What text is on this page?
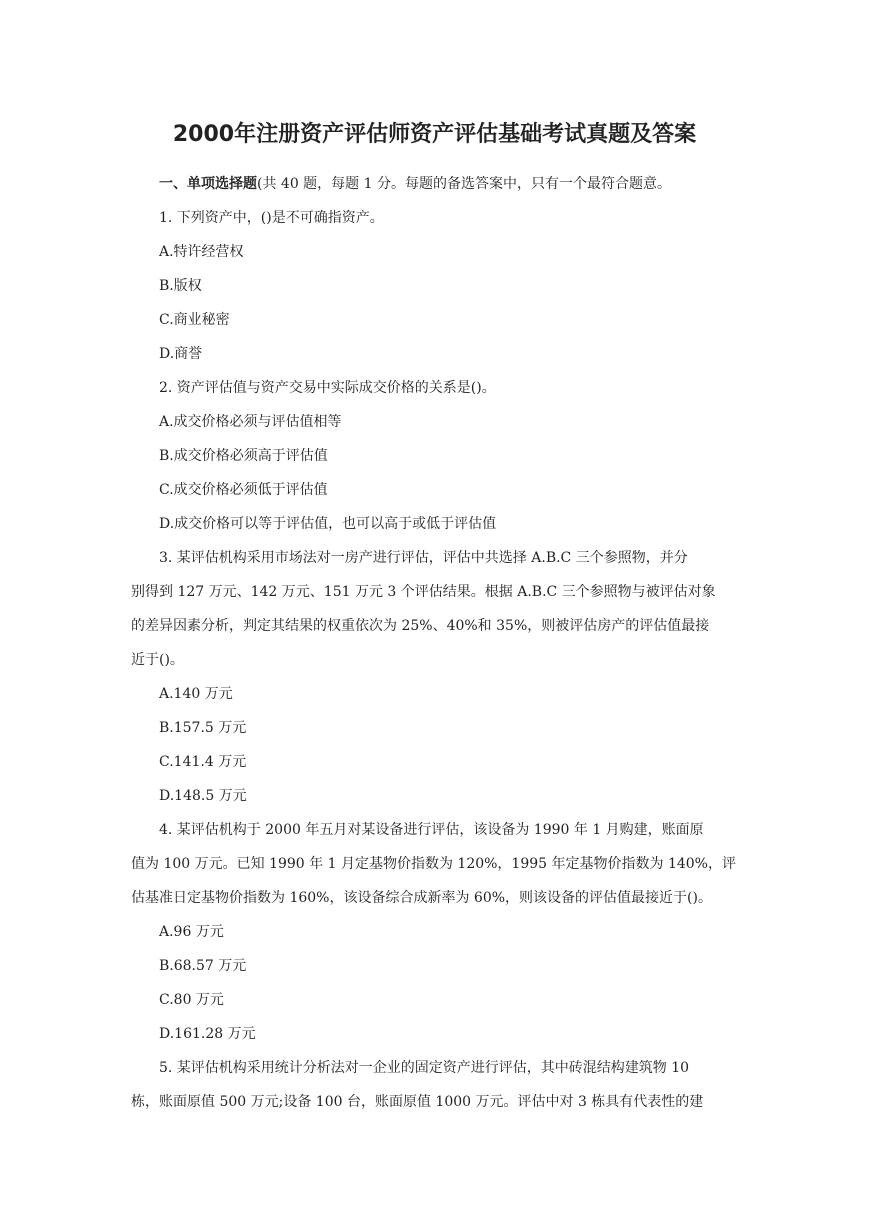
2000年注册资产评估师资产评估基础考试真题及答案
一、单项选择题(共 40 题，每题 1 分。每题的备选答案中，只有一个最符合题意。
1. 下列资产中，()是不可确指资产。
A.特许经营权
B.版权
C.商业秘密
D.商誉
2. 资产评估值与资产交易中实际成交价格的关系是()。
A.成交价格必须与评估值相等
B.成交价格必须高于评估值
C.成交价格必须低于评估值
D.成交价格可以等于评估值，也可以高于或低于评估值
3. 某评估机构采用市场法对一房产进行评估，评估中共选择 A.B.C 三个参照物，并分
别得到 127 万元、142 万元、151 万元 3 个评估结果。根据 A.B.C 三个参照物与被评估对象
的差异因素分析，判定其结果的权重依次为 25%、40%和 35%，则被评估房产的评估值最接
近于()。
A.140 万元
B.157.5 万元
C.141.4 万元
D.148.5 万元
4. 某评估机构于 2000 年五月对某设备进行评估，该设备为 1990 年 1 月购建，账面原
值为 100 万元。已知 1990 年 1 月定基物价指数为 120%，1995 年定基物价指数为 140%，评
估基准日定基物价指数为 160%，该设备综合成新率为 60%，则该设备的评估值最接近于()。
A.96 万元
B.68.57 万元
C.80 万元
D.161.28 万元
5. 某评估机构采用统计分析法对一企业的固定资产进行评估，其中砖混结构建筑物 10
栋，账面原值 500 万元;设备 100 台，账面原值 1000 万元。评估中对 3 栋具有代表性的建
